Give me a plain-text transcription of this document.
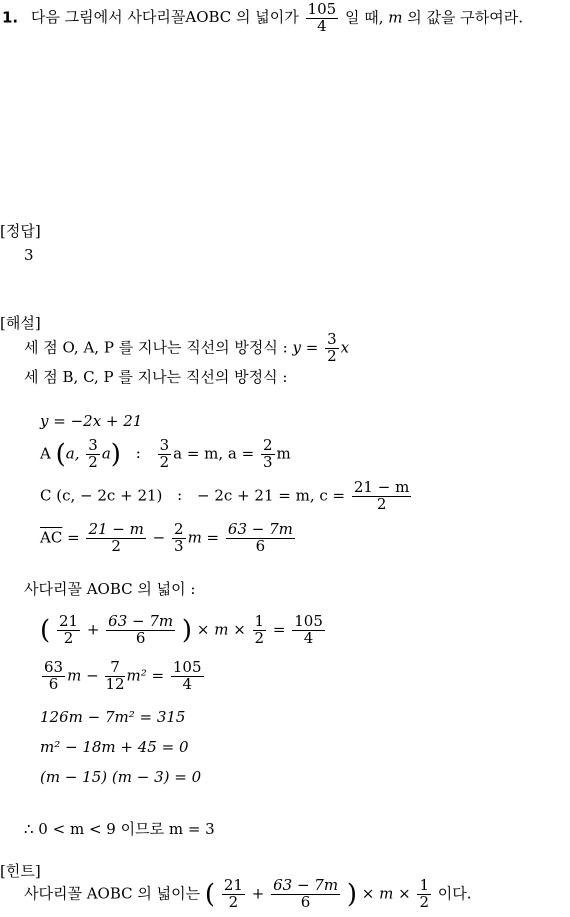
1. 다음 그림에서 사다리꼴AOBC 의 넓이가 $\frac{105}{4}$ 일 때, m 의 값을 구하여라.
[정답]
3
[해설]
세 점 O, A, P 를 지나는 직선의 방정식 : $y = \frac{3}{2}$ x
세 점 B, C, P 를 지나는 직선의 방정식 :
y = −2x + 21
A (a, $\frac{3}{2} a$) : $\frac{3}{2}$ a = m, $a = \frac{2}{3}$ m
C (c, − 2c + 21) : − 2c + 21 = m, $c = \frac{21 - m}{2}$
$\overline{AC} = \frac{21 - m}{2} - \frac{2}{3}$ $m = \frac{63 - 7m}{6}$
사다리꼴 AOBC 의 넓이 :
( $\frac{21}{2} + \frac{63 - 7m}{6}$ ) × $m \times \frac{1}{2} = \frac{105}{4}$
$\frac{63}{6}$ $m - \frac{7}{12} m^2 = \frac{105}{4}$
126m − 7m² = 315
m² − 18m + 45 = 0
(m − 15) (m − 3) = 0
∴ 0 < m < 9 이므로 m = 3
[힌트]
사다리꼴 AOBC 의 넓이는 ( $\frac{21}{2} + \frac{63 - 7m}{6}$ ) × $m \times \frac{1}{2}$ 이다.
